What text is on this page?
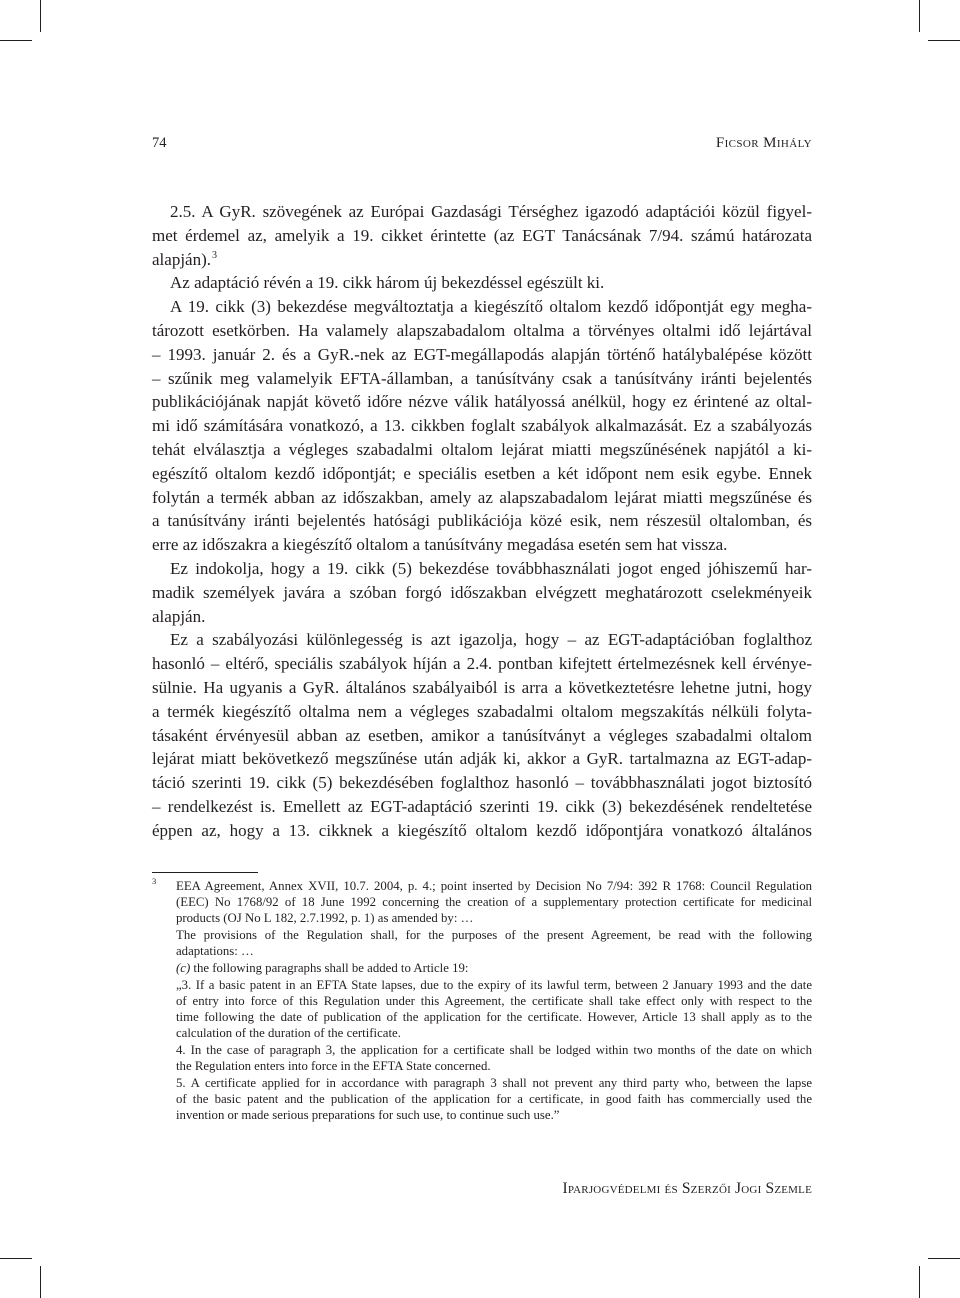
74	Ficsor Mihály
2.5. A GyR. szövegének az Európai Gazdasági Térséghez igazodó adaptációi közül figyel-
met érdemel az, amelyik a 19. cikket érintette (az EGT Tanácsának 7/94. számú határozata
alapján).$^3$
Az adaptáció révén a 19. cikk három új bekezdéssel egészült ki.
A 19. cikk (3) bekezdése megváltoztatja a kiegészítő oltalom kezdő időpontját egy megha-
tározott esetkörben. Ha valamely alapszabadalom oltalma a törvényes oltalmi idő lejártával
– 1993. január 2. és a GyR.-nek az EGT-megállapodás alapján történő hatálybalépése között
– szűnik meg valamelyik EFTA-államban, a tanúsítvány csak a tanúsítvány iránti bejelentés
publikációjának napját követő időre nézve válik hatályossá anélkül, hogy ez érintené az oltal-
mi idő számítására vonatkozó, a 13. cikkben foglalt szabályok alkalmazását. Ez a szabályozás
tehát elválasztja a végleges szabadalmi oltalom lejárat miatti megszűnésének napjától a ki-
egészítő oltalom kezdő időpontját; e speciális esetben a két időpont nem esik egybe. Ennek
folytán a termék abban az időszakban, amely az alapszabadalom lejárat miatti megszűnése és
a tanúsítvány iránti bejelentés hatósági publikációja közé esik, nem részesül oltalomban, és
erre az időszakra a kiegészítő oltalom a tanúsítvány megadása esetén sem hat vissza.
Ez indokolja, hogy a 19. cikk (5) bekezdése továbbhasználati jogot enged jóhiszemű har-
madik személyek javára a szóban forgó időszakban elvégzett meghatározott cselekményeik
alapján.
Ez a szabályozási különlegesség is azt igazolja, hogy – az EGT-adaptációban foglalthoz
hasonló – eltérő, speciális szabályok híján a 2.4. pontban kifejtett értelmezésnek kell érvénye-
sülnie. Ha ugyanis a GyR. általános szabályaiból is arra a következtetésre lehetne jutni, hogy
a termék kiegészítő oltalma nem a végleges szabadalmi oltalom megszakítás nélküli folyta-
tásaként érvényesül abban az esetben, amikor a tanúsítványt a végleges szabadalmi oltalom
lejárat miatt bekövetkező megszűnése után adják ki, akkor a GyR. tartalmazna az EGT-adap-
táció szerinti 19. cikk (5) bekezdésében foglalthoz hasonló – továbbhasználati jogot biztosító
– rendelkezést is. Emellett az EGT-adaptáció szerinti 19. cikk (3) bekezdésének rendeltetése
éppen az, hogy a 13. cikknek a kiegészítő oltalom kezdő időpontjára vonatkozó általános
3 EEA Agreement, Annex XVII, 10.7. 2004, p. 4.; point inserted by Decision No 7/94: 392 R 1768: Council Regulation
(EEC) No 1768/92 of 18 June 1992 concerning the creation of a supplementary protection certificate for medicinal
products (OJ No L 182, 2.7.1992, p. 1) as amended by: …
The provisions of the Regulation shall, for the purposes of the present Agreement, be read with the following
adaptations: …
(c) the following paragraphs shall be added to Article 19:
„3. If a basic patent in an EFTA State lapses, due to the expiry of its lawful term, between 2 January 1993 and the date
of entry into force of this Regulation under this Agreement, the certificate shall take effect only with respect to the
time following the date of publication of the application for the certificate. However, Article 13 shall apply as to the
calculation of the duration of the certificate.
4. In the case of paragraph 3, the application for a certificate shall be lodged within two months of the date on which
the Regulation enters into force in the EFTA State concerned.
5. A certificate applied for in accordance with paragraph 3 shall not prevent any third party who, between the lapse
of the basic patent and the publication of the application for a certificate, in good faith has commercially used the
invention or made serious preparations for such use, to continue such use.”
Iparjogvédelmi és Szerzői Jogi Szemle
